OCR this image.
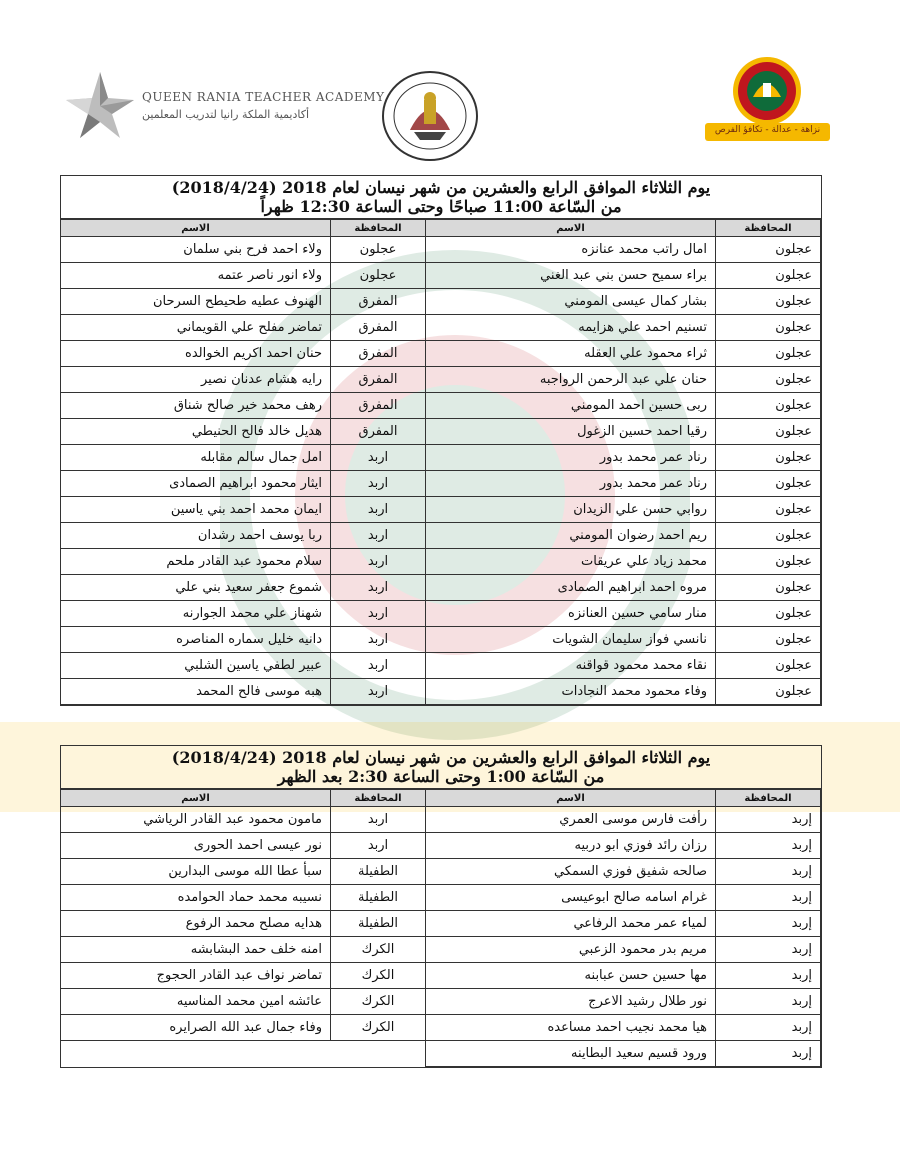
QUEEN RANIA TEACHER ACADEMY
أكاديمية الملكة رانيا لتدريب المعلمين
نزاهة - عدالة - تكافؤ الفرص
يوم الثلاثاء الموافق الرابع والعشرين من شهر نيسان لعام 2018 (2018/4/24)
من السّاعة 11:00 صباحًا وحتى الساعة 12:30 ظهراً
المحافظة	الاسم	المحافظة	الاسم
عجلون	امال راتب محمد عنانزه	عجلون	ولاء احمد فرح بني سلمان
عجلون	براء سميح حسن بني عبد الغني	عجلون	ولاء انور ناصر عتمه
عجلون	بشار كمال عيسى المومني	المفرق	الهنوف عطيه طحيطح السرحان
عجلون	تسنيم احمد علي هزايمه	المفرق	تماضر مفلح علي القويماني
عجلون	ثراء محمود علي العقله	المفرق	حنان احمد اكريم الخوالده
عجلون	حنان علي عبد الرحمن الرواجبه	المفرق	رايه هشام عدنان نصير
عجلون	ربى حسين احمد المومني	المفرق	رهف محمد خير صالح شناق
عجلون	رقيا احمد حسين الزغول	المفرق	هديل خالد فالح الحنيطي
عجلون	رناد عمر محمد بدور	اربد	امل جمال سالم مقابله
عجلون	رناد عمر محمد بدور	اربد	ايثار محمود ابراهيم الصمادى
عجلون	روابي حسن علي الزيدان	اربد	ايمان محمد احمد بني ياسين
عجلون	ريم احمد رضوان المومني	اربد	ربا يوسف احمد رشدان
عجلون	محمد زياد علي عريقات	اربد	سلام محمود عبد القادر ملحم
عجلون	مروه احمد ابراهيم الصمادى	اربد	شموع جعفر سعيد بني علي
عجلون	منار سامي حسين العنانزه	اربد	شهناز علي محمد الجوارنه
عجلون	نانسي فواز سليمان الشويات	اربد	دانيه خليل سماره المناصره
عجلون	نقاء محمد محمود قواقنه	اربد	عبير لطفي ياسين الشلبي
عجلون	وفاء محمود محمد النجادات	اربد	هبه موسى فالح المحمد
يوم الثلاثاء الموافق الرابع والعشرين من شهر نيسان لعام 2018 (2018/4/24)
من السّاعة 1:00 وحتى الساعة 2:30 بعد الظهر
المحافظة	الاسم	المحافظة	الاسم
إربد	رأفت فارس موسى العمري	اربد	مامون محمود عبد القادر الرياشي
إربد	رزان رائد فوزي ابو دربيه	اربد	نور عيسى احمد الحورى
إربد	صالحه شفيق فوزي السمكي	الطفيلة	سبأ عطا الله موسى البدارين
إربد	غرام اسامه صالح ابوعيسى	الطفيلة	نسيبه محمد حماد الحوامده
إربد	لمياء عمر محمد الرفاعي	الطفيلة	هدايه مصلح محمد الرفوع
إربد	مريم بدر محمود الزعبي	الكرك	امنه خلف حمد البشابشه
إربد	مها حسين حسن عبابنه	الكرك	تماضر نواف عبد القادر الحجوج
إربد	نور طلال رشيد الاعرج	الكرك	عائشه امين محمد المناسيه
إربد	هيا محمد نجيب احمد مساعده	الكرك	وفاء جمال عبد الله الصرايره
إربد	ورود قسيم سعيد البطاينه		
